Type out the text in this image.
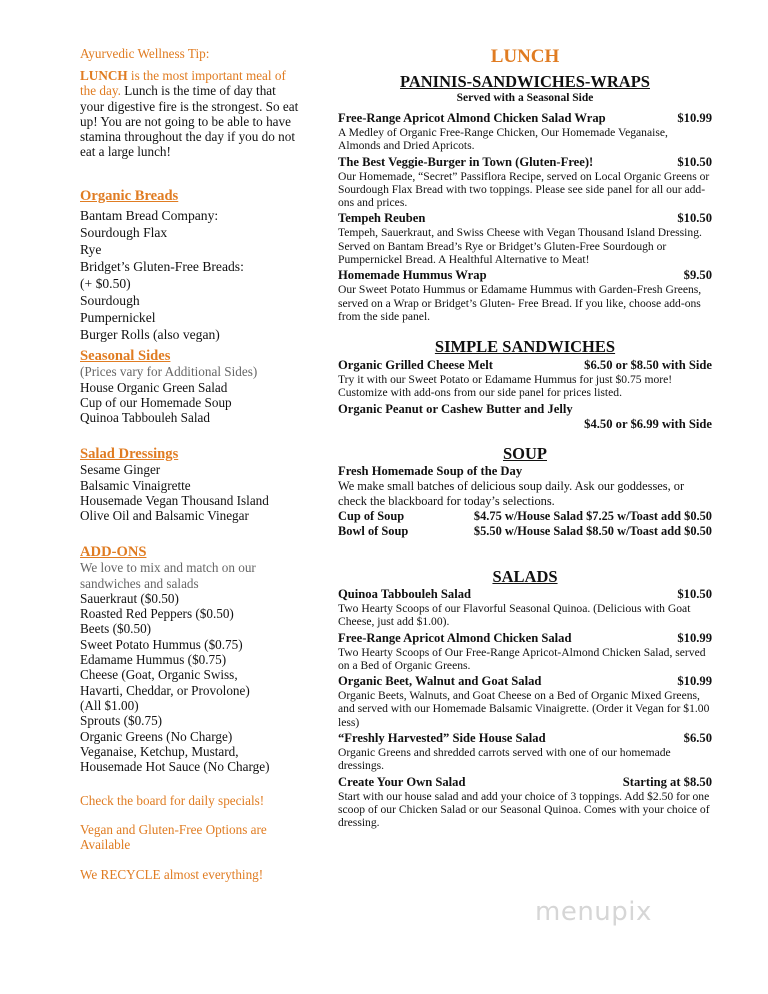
Ayurvedic Wellness Tip:
LUNCH is the most important meal of the day. Lunch is the time of day that your digestive fire is the strongest. So eat up! You are not going to be able to have stamina throughout the day if you do not eat a large lunch!
Organic Breads
Bantam Bread Company:
Sourdough Flax
Rye
Bridget’s Gluten-Free Breads:
(+ $0.50)
Sourdough
Pumpernickel
Burger Rolls (also vegan)
Seasonal Sides
(Prices vary for Additional Sides)
House Organic Green Salad
Cup of our Homemade Soup
Quinoa Tabbouleh Salad
Salad Dressings
Sesame Ginger
Balsamic Vinaigrette
Housemade Vegan Thousand Island
Olive Oil and Balsamic Vinegar
ADD-ONS
We love to mix and match on our sandwiches and salads
Sauerkraut ($0.50)
Roasted Red Peppers ($0.50)
Beets ($0.50)
Sweet Potato Hummus ($0.75)
Edamame Hummus ($0.75)
Cheese (Goat, Organic Swiss,
Havarti, Cheddar, or Provolone)
(All $1.00)
Sprouts ($0.75)
Organic Greens (No Charge)
Veganaise, Ketchup, Mustard,
Housemade Hot Sauce (No Charge)
Check the board for daily specials!
Vegan and Gluten-Free Options are Available
We RECYCLE almost everything!
LUNCH
PANINIS-SANDWICHES-WRAPS
Served with a Seasonal Side
Free-Range Apricot Almond Chicken Salad Wrap	$10.99
A Medley of Organic Free-Range Chicken, Our Homemade Veganaise, Almonds and Dried Apricots.
The Best Veggie-Burger in Town (Gluten-Free)!	$10.50
Our Homemade, “Secret” Passiflora Recipe, served on Local Organic Greens or Sourdough Flax Bread with two toppings. Please see side panel for all our add-ons and prices.
Tempeh Reuben	$10.50
Tempeh, Sauerkraut, and Swiss Cheese with Vegan Thousand Island Dressing. Served on Bantam Bread’s Rye or Bridget’s Gluten-Free Sourdough or Pumpernickel Bread. A Healthful Alternative to Meat!
Homemade Hummus Wrap	$9.50
Our Sweet Potato Hummus or Edamame Hummus with Garden-Fresh Greens, served on a Wrap or Bridget’s Gluten- Free Bread. If you like, choose add-ons from the side panel.
SIMPLE SANDWICHES
Organic Grilled Cheese Melt	$6.50 or $8.50 with Side
Try it with our Sweet Potato or Edamame Hummus for just $0.75 more! Customize with add-ons from our side panel for prices listed.
Organic Peanut or Cashew Butter and Jelly
$4.50 or $6.99 with Side
SOUP
Fresh Homemade Soup of the Day
We make small batches of delicious soup daily. Ask our goddesses, or check the blackboard for today’s selections.
Cup of Soup	$4.75 w/House Salad $7.25 w/Toast add $0.50
Bowl of Soup	$5.50 w/House Salad $8.50 w/Toast add $0.50
SALADS
Quinoa Tabbouleh Salad	$10.50
Two Hearty Scoops of our Flavorful Seasonal Quinoa. (Delicious with Goat Cheese, just add $1.00).
Free-Range Apricot Almond Chicken Salad	$10.99
Two Hearty Scoops of Our Free-Range Apricot-Almond Chicken Salad, served on a Bed of Organic Greens.
Organic Beet, Walnut and Goat Salad	$10.99
Organic Beets, Walnuts, and Goat Cheese on a Bed of Organic Mixed Greens, and served with our Homemade Balsamic Vinaigrette. (Order it Vegan for $1.00 less)
“Freshly Harvested” Side House Salad	$6.50
Organic Greens and shredded carrots served with one of our homemade dressings.
Create Your Own Salad	Starting at $8.50
Start with our house salad and add your choice of 3 toppings. Add $2.50 for one scoop of our Chicken Salad or our Seasonal Quinoa. Comes with your choice of dressing.
menupix
